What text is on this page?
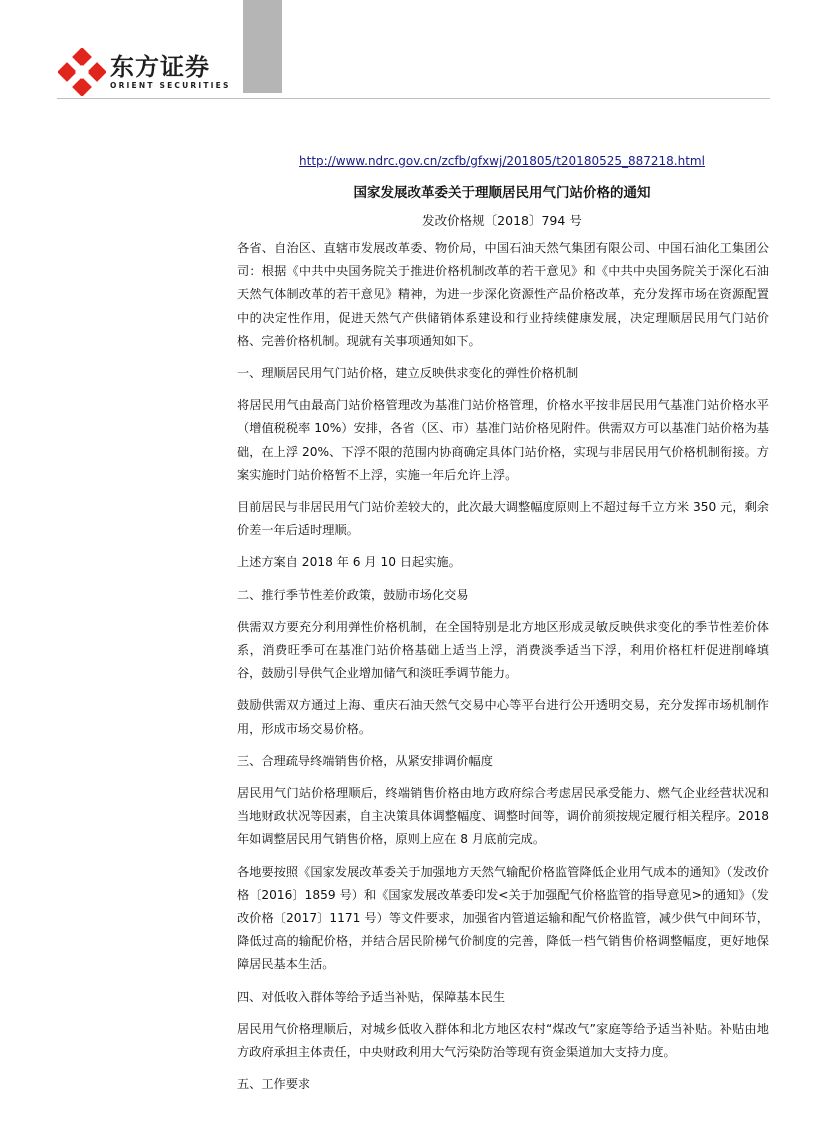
东方证券
ORIENT SECURITIES
http://www.ndrc.gov.cn/zcfb/gfxwj/201805/t20180525_887218.html
国家发展改革委关于理顺居民用气门站价格的通知
发改价格规〔2018〕794 号

各省、自治区、直辖市发展改革委、物价局，中国石油天然气集团有限公司、中国石油化工集团公司：根据《中共中央国务院关于推进价格机制改革的若干意见》和《中共中央国务院关于深化石油天然气体制改革的若干意见》精神，为进一步深化资源性产品价格改革，充分发挥市场在资源配置中的决定性作用，促进天然气产供储销体系建设和行业持续健康发展，决定理顺居民用气门站价格、完善价格机制。现就有关事项通知如下。

一、理顺居民用气门站价格，建立反映供求变化的弹性价格机制

将居民用气由最高门站价格管理改为基准门站价格管理，价格水平按非居民用气基准门站价格水平（增值税税率 10%）安排，各省（区、市）基准门站价格见附件。供需双方可以基准门站价格为基础，在上浮 20%、下浮不限的范围内协商确定具体门站价格，实现与非居民用气价格机制衔接。方案实施时门站价格暂不上浮，实施一年后允许上浮。

目前居民与非居民用气门站价差较大的，此次最大调整幅度原则上不超过每千立方米 350 元，剩余价差一年后适时理顺。

上述方案自 2018 年 6 月 10 日起实施。

二、推行季节性差价政策，鼓励市场化交易

供需双方要充分利用弹性价格机制，在全国特别是北方地区形成灵敏反映供求变化的季节性差价体系，消费旺季可在基准门站价格基础上适当上浮，消费淡季适当下浮，利用价格杠杆促进削峰填谷，鼓励引导供气企业增加储气和淡旺季调节能力。

鼓励供需双方通过上海、重庆石油天然气交易中心等平台进行公开透明交易，充分发挥市场机制作用，形成市场交易价格。

三、合理疏导终端销售价格，从紧安排调价幅度

居民用气门站价格理顺后，终端销售价格由地方政府综合考虑居民承受能力、燃气企业经营状况和当地财政状况等因素，自主决策具体调整幅度、调整时间等，调价前须按规定履行相关程序。2018 年如调整居民用气销售价格，原则上应在 8 月底前完成。

各地要按照《国家发展改革委关于加强地方天然气输配价格监管降低企业用气成本的通知》（发改价格〔2016〕1859 号）和《国家发展改革委印发<关于加强配气价格监管的指导意见>的通知》（发改价格〔2017〕1171 号）等文件要求，加强省内管道运输和配气价格监管，减少供气中间环节，降低过高的输配价格，并结合居民阶梯气价制度的完善，降低一档气销售价格调整幅度，更好地保障居民基本生活。

四、对低收入群体等给予适当补贴，保障基本民生

居民用气价格理顺后，对城乡低收入群体和北方地区农村“煤改气”家庭等给予适当补贴。补贴由地方政府承担主体责任，中央财政利用大气污染防治等现有资金渠道加大支持力度。

五、工作要求
